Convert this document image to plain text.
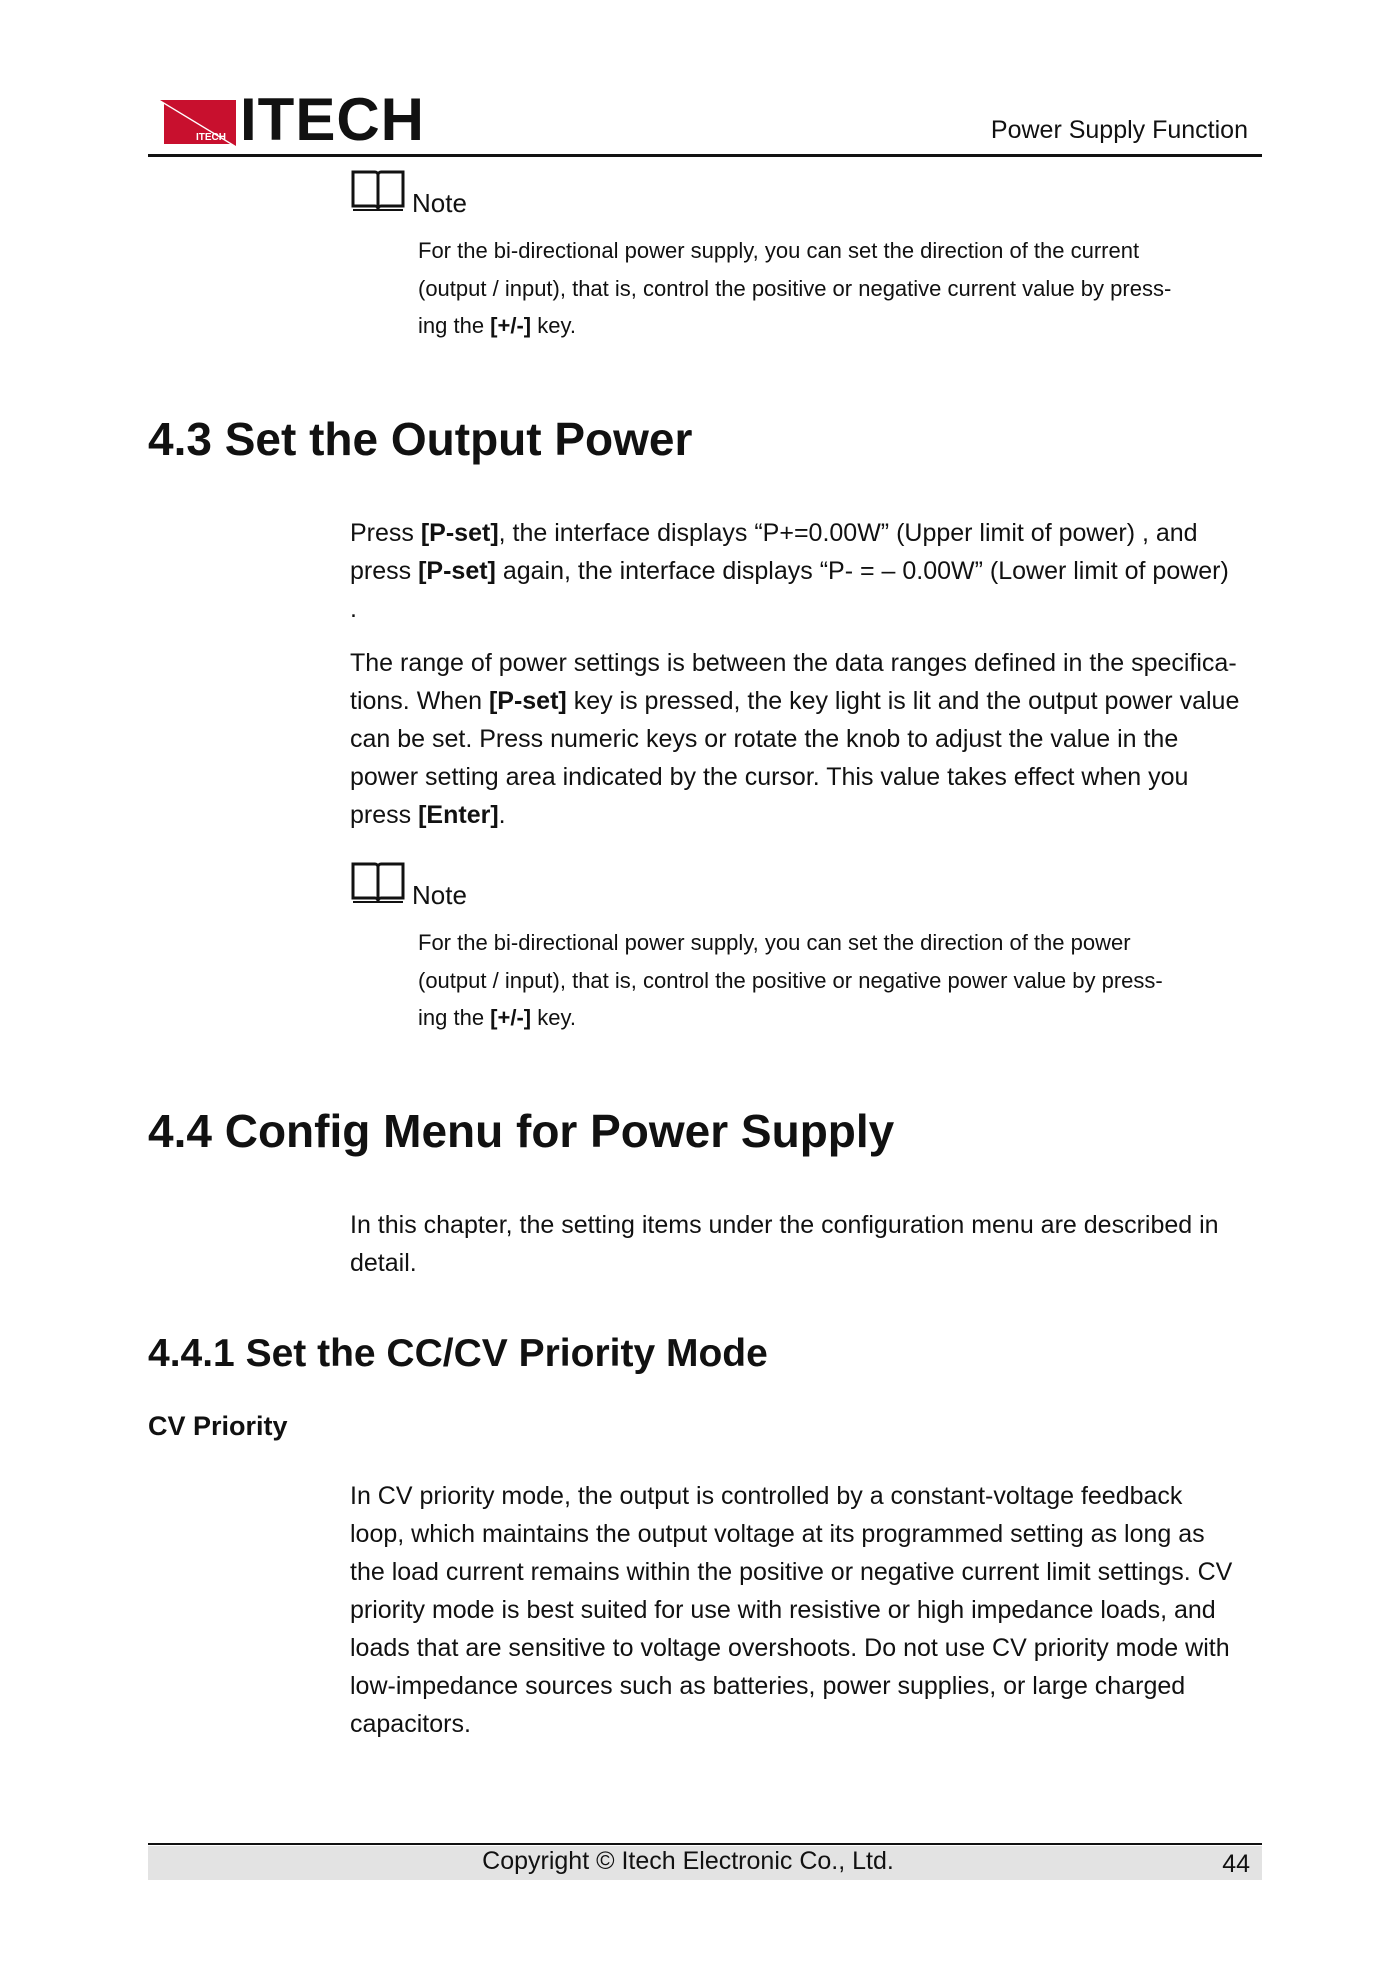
ITECH ITECH	Power Supply Function
Note
For the bi-directional power supply, you can set the direction of the current
(output / input), that is, control the positive or negative current value by press-
ing the [+/-] key.
4.3 Set the Output Power
Press [P-set], the interface displays “P+=0.00W” (Upper limit of power) , and
press [P-set] again, the interface displays “P- = – 0.00W” (Lower limit of power)
.
The range of power settings is between the data ranges defined in the specifica-
tions. When [P-set] key is pressed, the key light is lit and the output power value
can be set. Press numeric keys or rotate the knob to adjust the value in the
power setting area indicated by the cursor. This value takes effect when you
press [Enter].
Note
For the bi-directional power supply, you can set the direction of the power
(output / input), that is, control the positive or negative power value by press-
ing the [+/-] key.
4.4 Config Menu for Power Supply
In this chapter, the setting items under the configuration menu are described in
detail.
4.4.1 Set the CC/CV Priority Mode
CV Priority
In CV priority mode, the output is controlled by a constant-voltage feedback
loop, which maintains the output voltage at its programmed setting as long as
the load current remains within the positive or negative current limit settings. CV
priority mode is best suited for use with resistive or high impedance loads, and
loads that are sensitive to voltage overshoots. Do not use CV priority mode with
low-impedance sources such as batteries, power supplies, or large charged
capacitors.
Copyright © Itech Electronic Co., Ltd.	44
